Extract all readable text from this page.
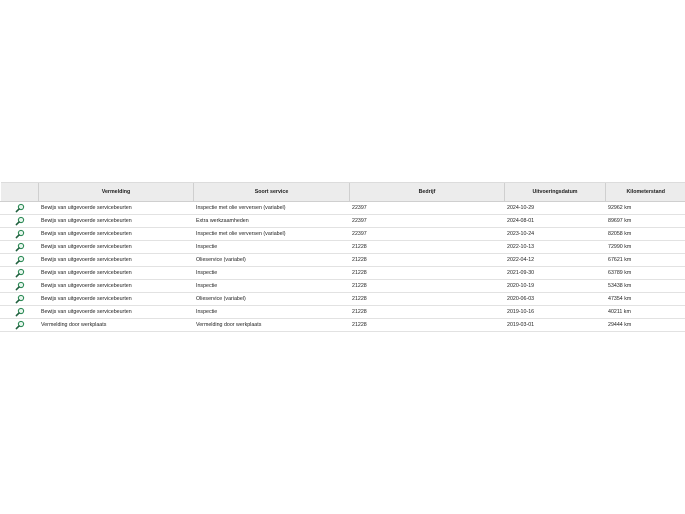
	Vermelding	Soort service	Bedrijf	Uitvoeringsdatum	Kilometerstand
	Bewijs van uitgevoerde servicebeurten	Inspectie met olie verversen (variabel)	22397	2024-10-29	92962 km
	Bewijs van uitgevoerde servicebeurten	Extra werkzaamheden	22397	2024-08-01	89697 km
	Bewijs van uitgevoerde servicebeurten	Inspectie met olie verversen (variabel)	22397	2023-10-24	82058 km
	Bewijs van uitgevoerde servicebeurten	Inspectie	21228	2022-10-13	72990 km
	Bewijs van uitgevoerde servicebeurten	Olieservice (variabel)	21228	2022-04-12	67621 km
	Bewijs van uitgevoerde servicebeurten	Inspectie	21228	2021-09-30	63789 km
	Bewijs van uitgevoerde servicebeurten	Inspectie	21228	2020-10-19	53438 km
	Bewijs van uitgevoerde servicebeurten	Olieservice (variabel)	21228	2020-06-03	47354 km
	Bewijs van uitgevoerde servicebeurten	Inspectie	21228	2019-10-16	40211 km
	Vermelding door werkplaats	Vermelding door werkplaats	21228	2019-03-01	29444 km
